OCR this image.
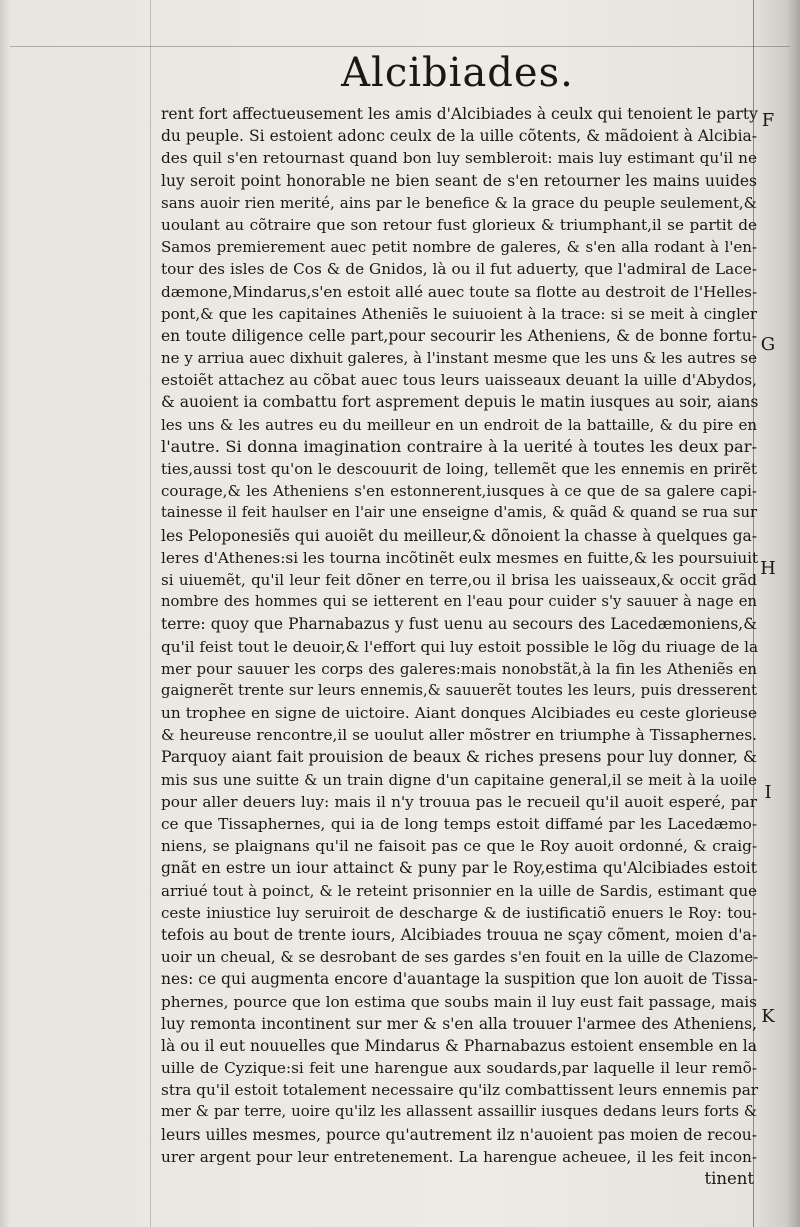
Alcibiades.
rent fort affectueusement les amis d'Alcibiades à ceulx qui tenoient le party
du peuple. Si estoient adonc ceulx de la uille cõtents, & mãdoient à Alcibia-
des quil s'en retournast quand bon luy sembleroit: mais luy estimant qu'il ne
luy seroit point honorable ne bien seant de s'en retourner les mains uuides
sans auoir rien merité, ains par le benefice & la grace du peuple seulement,&
uoulant au cõtraire que son retour fust glorieux & triumphant,il se partit de
Samos premierement auec petit nombre de galeres, & s'en alla rodant à l'en-
tour des isles de Cos & de Gnidos, là ou il fut aduerty, que l'admiral de Lace-
dæmone,Mindarus,s'en estoit allé auec toute sa flotte au destroit de l'Helles-
pont,& que les capitaines Atheniẽs le suiuoient à la trace: si se meit à cingler
en toute diligence celle part,pour secourir les Atheniens, & de bonne fortu-
ne y arriua auec dixhuit galeres, à l'instant mesme que les uns & les autres se
estoiẽt attachez au cõbat auec tous leurs uaisseaux deuant la uille d'Abydos,
& auoient ia combattu fort asprement depuis le matin iusques au soir, aians
les uns & les autres eu du meilleur en un endroit de la battaille, & du pire en
l'autre. Si donna imagination contraire à la uerité à toutes les deux par-
ties,aussi tost qu'on le descouurit de loing, tellemẽt que les ennemis en prirẽt
courage,& les Atheniens s'en estonnerent,iusques à ce que de sa galere capi-
tainesse il feit haulser en l'air une enseigne d'amis, & quãd & quand se rua sur
les Peloponesiẽs qui auoiẽt du meilleur,& dõnoient la chasse à quelques ga-
leres d'Athenes:si les tourna incõtinẽt eulx mesmes en fuitte,& les poursuiuit
si uiuemẽt, qu'il leur feit dõner en terre,ou il brisa les uaisseaux,& occit grãd
nombre des hommes qui se ietterent en l'eau pour cuider s'y sauuer à nage en
terre: quoy que Pharnabazus y fust uenu au secours des Lacedæmoniens,&
qu'il feist tout le deuoir,& l'effort qui luy estoit possible le lõg du riuage de la
mer pour sauuer les corps des galeres:mais nonobstãt,à la fin les Atheniẽs en
gaignerẽt trente sur leurs ennemis,& sauuerẽt toutes les leurs, puis dresserent
un trophee en signe de uictoire. Aiant donques Alcibiades eu ceste glorieuse
& heureuse rencontre,il se uoulut aller mõstrer en triumphe à Tissaphernes.
Parquoy aiant fait prouision de beaux & riches presens pour luy donner, &
mis sus une suitte & un train digne d'un capitaine general,il se meit à la uoile
pour aller deuers luy: mais il n'y trouua pas le recueil qu'il auoit esperé, par
ce que Tissaphernes, qui ia de long temps estoit diffamé par les Lacedæmo-
niens, se plaignans qu'il ne faisoit pas ce que le Roy auoit ordonné, & craig-
gnãt en estre un iour attainct & puny par le Roy,estima qu'Alcibiades estoit
arriué tout à poinct, & le reteint prisonnier en la uille de Sardis, estimant que
ceste iniustice luy seruiroit de descharge & de iustificatiõ enuers le Roy: tou-
tefois au bout de trente iours, Alcibiades trouua ne sçay cõment, moien d'a-
uoir un cheual, & se desrobant de ses gardes s'en fouit en la uille de Clazome-
nes: ce qui augmenta encore d'auantage la suspition que lon auoit de Tissa-
phernes, pource que lon estima que soubs main il luy eust fait passage, mais
luy remonta incontinent sur mer & s'en alla trouuer l'armee des Atheniens,
là ou il eut nouuelles que Mindarus & Pharnabazus estoient ensemble en la
uille de Cyzique:si feit une harengue aux soudards,par laquelle il leur remõ-
stra qu'il estoit totalement necessaire qu'ilz combattissent leurs ennemis par
mer & par terre, uoire qu'ilz les allassent assaillir iusques dedans leurs forts &
leurs uilles mesmes, pource qu'autrement ilz n'auoient pas moien de recou-
urer argent pour leur entretenement. La harengue acheuee, il les feit incon-
tinent
F
G
H
I
K
